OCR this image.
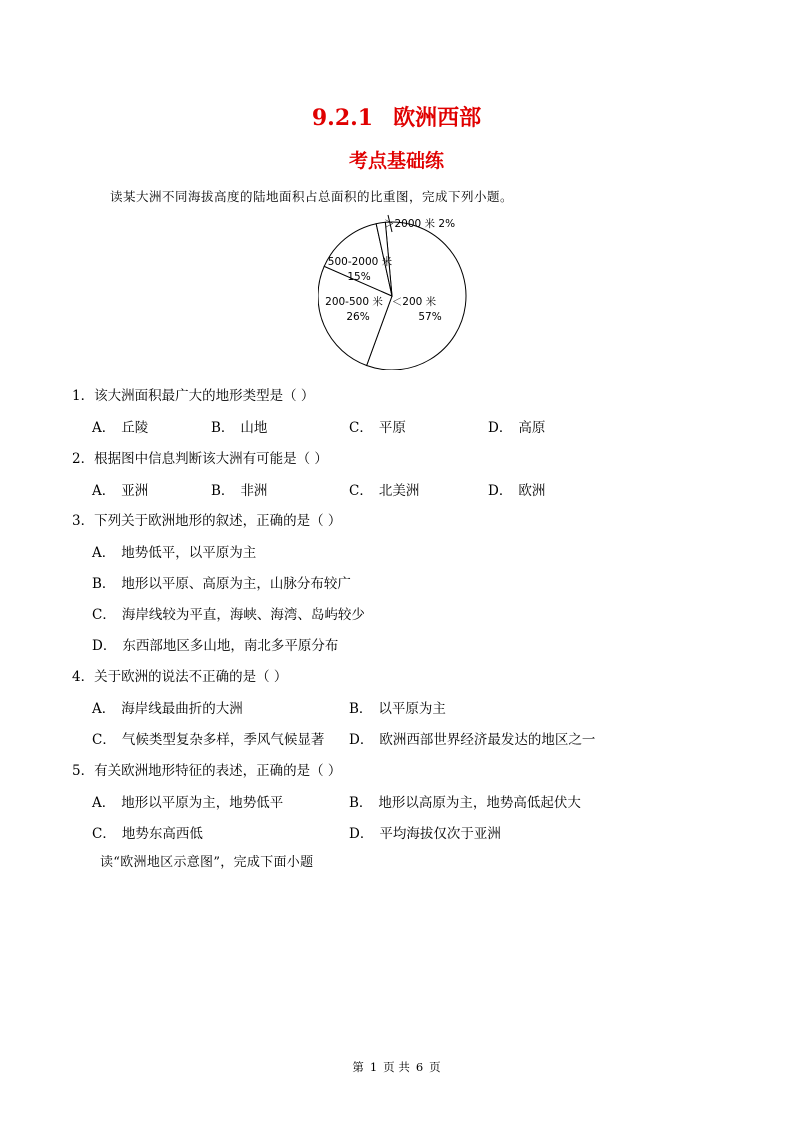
9.2.1 欧洲西部
考点基础练
读某大洲不同海拔高度的陆地面积占总面积的比重图，完成下列小题。
＜200 米
57%
200-500 米
26%
500-2000 米
15%
＞2000 米 2%
1．该大洲面积最广大的地形类型是（ ）
A． 丘陵	B． 山地	C． 平原	D． 高原
2．根据图中信息判断该大洲有可能是（ ）
A． 亚洲	B． 非洲	C． 北美洲	D． 欧洲
3．下列关于欧洲地形的叙述，正确的是（ ）
A． 地势低平，以平原为主
B． 地形以平原、高原为主，山脉分布较广
C． 海岸线较为平直，海峡、海湾、岛屿较少
D． 东西部地区多山地，南北多平原分布
4．关于欧洲的说法不正确的是（ ）
A． 海岸线最曲折的大洲	B． 以平原为主
C． 气候类型复杂多样，季风气候显著 D． 欧洲西部世界经济最发达的地区之一
5．有关欧洲地形特征的表述，正确的是（ ）
A． 地形以平原为主，地势低平	B． 地形以高原为主，地势高低起伏大
C． 地势东高西低	D． 平均海拔仅次于亚洲
读“欧洲地区示意图”，完成下面小题
第 1 页 共 6 页
